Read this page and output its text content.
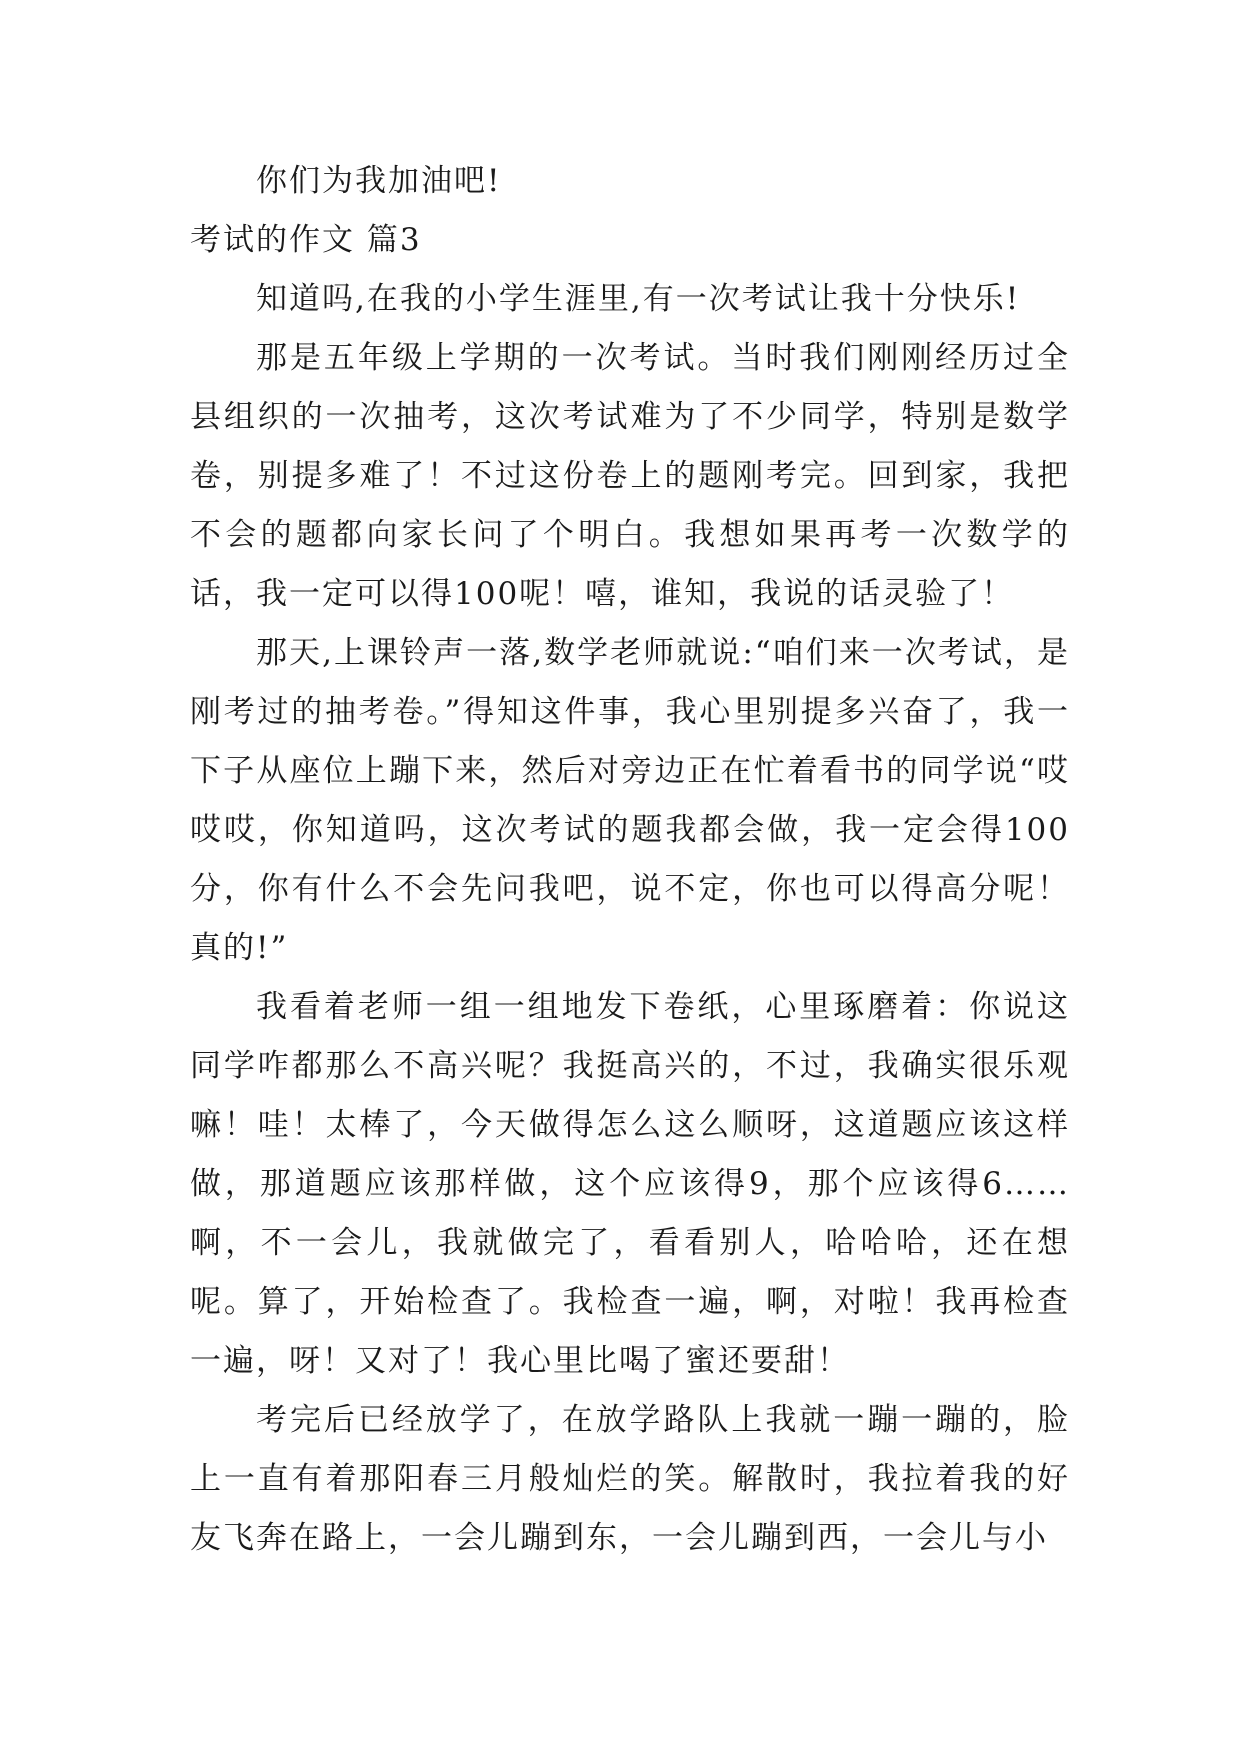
你们为我加油吧!

考试的作文 篇3

知道吗,在我的小学生涯里,有一次考试让我十分快乐!

那是五年级上学期的一次考试。当时我们刚刚经历过全县组织的一次抽考，这次考试难为了不少同学，特别是数学卷，别提多难了！不过这份卷上的题刚考完。回到家，我把不会的题都向家长问了个明白。我想如果再考一次数学的话，我一定可以得100呢！嘻，谁知，我说的话灵验了！

那天,上课铃声一落,数学老师就说:“咱们来一次考试，是刚考过的抽考卷。”得知这件事，我心里别提多兴奋了，我一下子从座位上蹦下来，然后对旁边正在忙着看书的同学说“哎哎哎，你知道吗，这次考试的题我都会做，我一定会得100分，你有什么不会先问我吧，说不定，你也可以得高分呢！真的!”

我看着老师一组一组地发下卷纸，心里琢磨着：你说这同学咋都那么不高兴呢？我挺高兴的，不过，我确实很乐观嘛！哇！太棒了，今天做得怎么这么顺呀，这道题应该这样做，那道题应该那样做，这个应该得9，那个应该得6……啊，不一会儿，我就做完了，看看别人，哈哈哈，还在想呢。算了，开始检查了。我检查一遍，啊，对啦！我再检查一遍，呀！又对了！我心里比喝了蜜还要甜！

考完后已经放学了，在放学路队上我就一蹦一蹦的，脸上一直有着那阳春三月般灿烂的笑。解散时，我拉着我的好友飞奔在路上，一会儿蹦到东，一会儿蹦到西，一会儿与小
